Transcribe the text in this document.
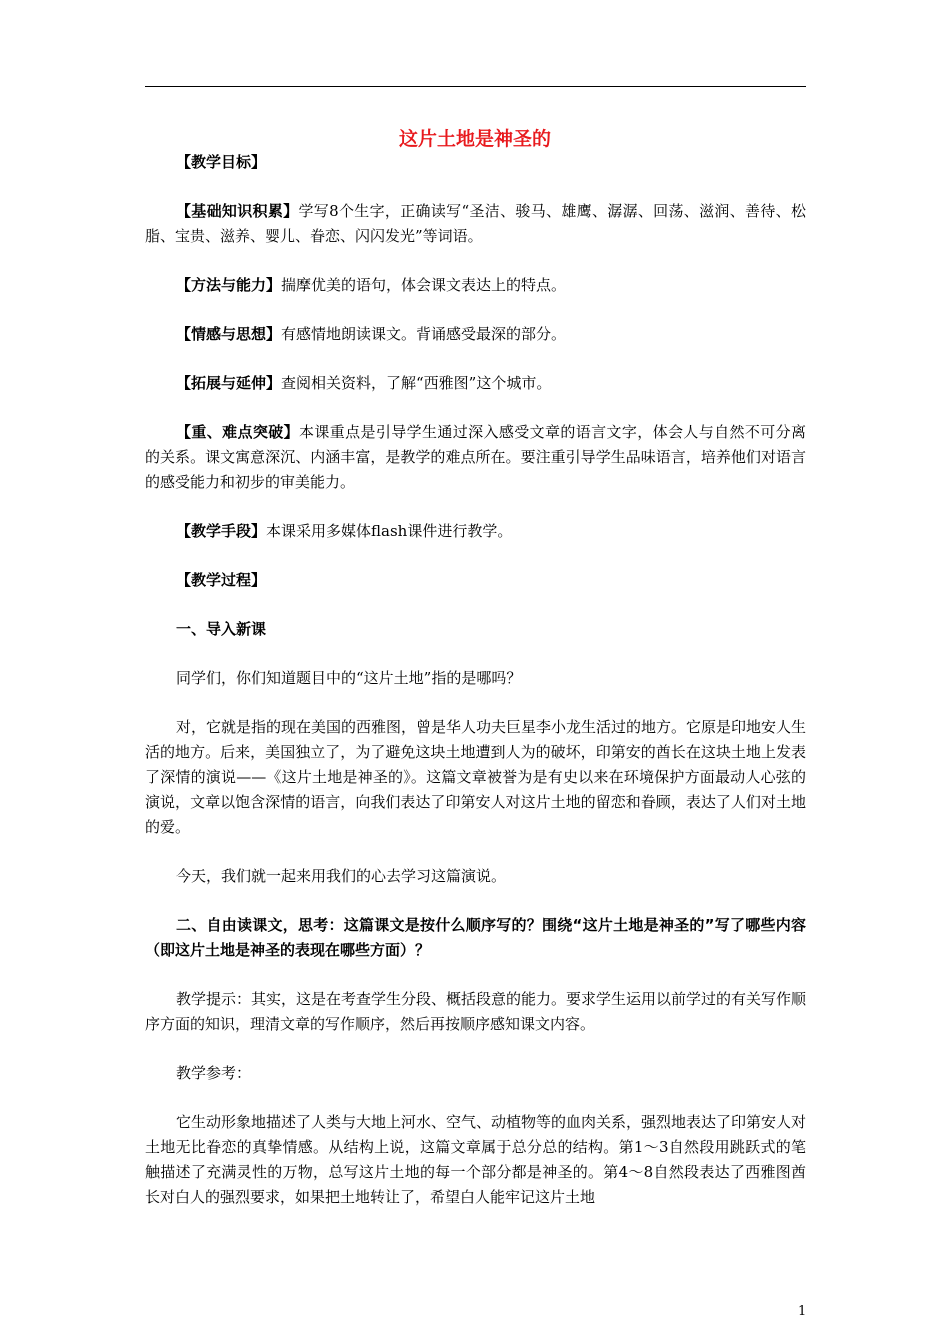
这片土地是神圣的

【教学目标】

【基础知识积累】学写8个生字，正确读写“圣洁、骏马、雄鹰、潺潺、回荡、滋润、善待、松脂、宝贵、滋养、婴儿、眷恋、闪闪发光”等词语。

【方法与能力】揣摩优美的语句，体会课文表达上的特点。

【情感与思想】有感情地朗读课文。背诵感受最深的部分。

【拓展与延伸】查阅相关资料，了解“西雅图”这个城市。

【重、难点突破】本课重点是引导学生通过深入感受文章的语言文字，体会人与自然不可分离的关系。课文寓意深沉、内涵丰富，是教学的难点所在。要注重引导学生品味语言，培养他们对语言的感受能力和初步的审美能力。

【教学手段】本课采用多媒体flash课件进行教学。

【教学过程】

一、导入新课

同学们，你们知道题目中的“这片土地”指的是哪吗？

对，它就是指的现在美国的西雅图，曾是华人功夫巨星李小龙生活过的地方。它原是印地安人生活的地方。后来，美国独立了，为了避免这块土地遭到人为的破坏，印第安的酋长在这块土地上发表了深情的演说——《这片土地是神圣的》。这篇文章被誉为是有史以来在环境保护方面最动人心弦的演说，文章以饱含深情的语言，向我们表达了印第安人对这片土地的留恋和眷顾，表达了人们对土地的爱。

今天，我们就一起来用我们的心去学习这篇演说。

二、自由读课文，思考：这篇课文是按什么顺序写的？围绕“这片土地是神圣的”写了哪些内容（即这片土地是神圣的表现在哪些方面）？

教学提示：其实，这是在考查学生分段、概括段意的能力。要求学生运用以前学过的有关写作顺序方面的知识，理清文章的写作顺序，然后再按顺序感知课文内容。

教学参考：

它生动形象地描述了人类与大地上河水、空气、动植物等的血肉关系，强烈地表达了印第安人对土地无比眷恋的真挚情感。从结构上说，这篇文章属于总分总的结构。第1～3自然段用跳跃式的笔触描述了充满灵性的万物，总写这片土地的每一个部分都是神圣的。第4～8自然段表达了西雅图酋长对白人的强烈要求，如果把土地转让了，希望白人能牢记这片土地

1
